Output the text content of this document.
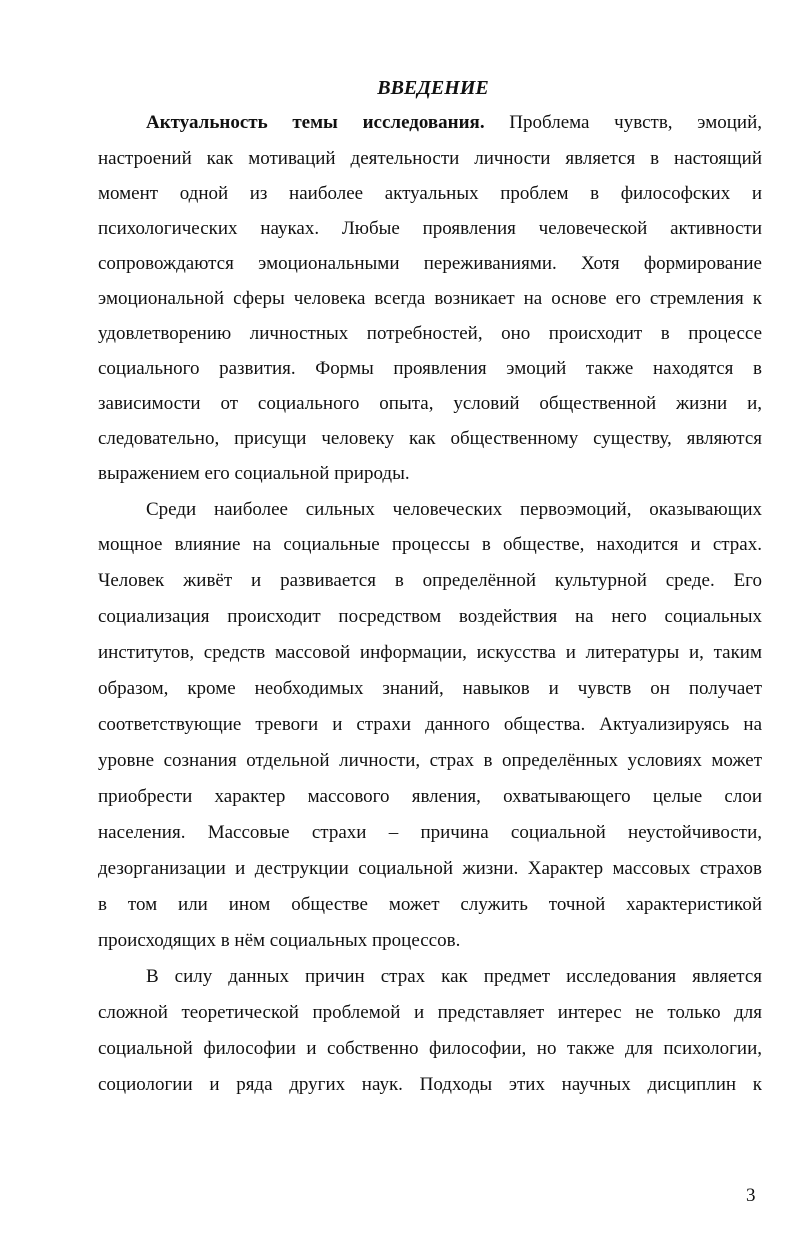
ВВЕДЕНИЕ

Актуальность темы исследования. Проблема чувств, эмоций,

настроений как мотиваций деятельности личности является в настоящий

момент одной из наиболее актуальных проблем в философских и

психологических науках. Любые проявления человеческой активности

сопровождаются эмоциональными переживаниями. Хотя формирование

эмоциональной сферы человека всегда возникает на основе его стремления к

удовлетворению личностных потребностей, оно происходит в процессе

социального развития. Формы проявления эмоций также находятся в

зависимости от социального опыта, условий общественной жизни и,

следовательно, присущи человеку как общественному существу, являются

выражением его социальной природы.

Среди наиболее сильных человеческих первоэмоций, оказывающих

мощное влияние на социальные процессы в обществе, находится и страх.

Человек живёт и развивается в определённой культурной среде. Его

социализация происходит посредством воздействия на него социальных

институтов, средств массовой информации, искусства и литературы и, таким

образом, кроме необходимых знаний, навыков и чувств он получает

соответствующие тревоги и страхи данного общества. Актуализируясь на

уровне сознания отдельной личности, страх в определённых условиях может

приобрести характер массового явления, охватывающего целые слои

населения. Массовые страхи – причина социальной неустойчивости,

дезорганизации и деструкции социальной жизни. Характер массовых страхов

в том или ином обществе может служить точной характеристикой

происходящих в нём социальных процессов.

В силу данных причин страх как предмет исследования является

сложной теоретической проблемой и представляет интерес не только для

социальной философии и собственно философии, но также для психологии,

социологии и ряда других наук. Подходы этих научных дисциплин к

3
